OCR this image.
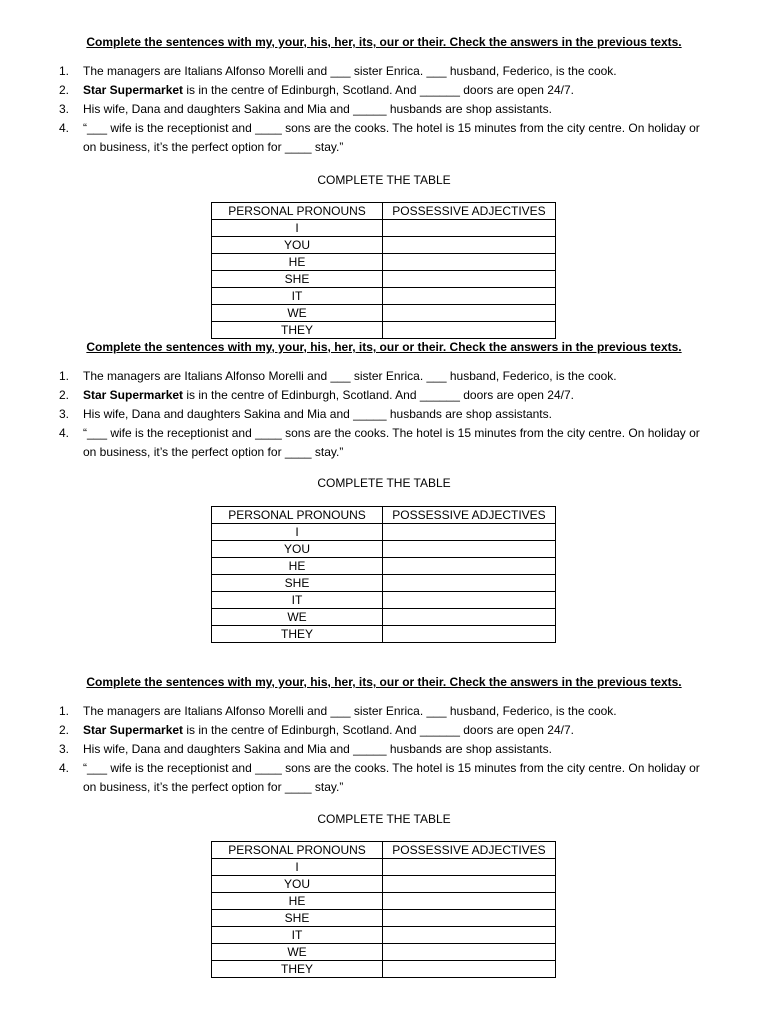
Complete the sentences with my, your, his, her, its, our or their. Check the answers in the previous texts.
1. The managers are Italians Alfonso Morelli and ___ sister Enrica. ___ husband, Federico, is the cook.
2. Star Supermarket is in the centre of Edinburgh, Scotland. And ______ doors are open 24/7.
3. His wife, Dana and daughters Sakina and Mia and _____ husbands are shop assistants.
4. “___ wife is the receptionist and ____ sons are the cooks. The hotel is 15 minutes from the city centre. On holiday or on business, it’s the perfect option for ____ stay.”
COMPLETE THE TABLE
PERSONAL PRONOUNS	POSSESSIVE ADJECTIVES
I	
YOU	
HE	
SHE	
IT	
WE	
THEY	
Complete the sentences with my, your, his, her, its, our or their. Check the answers in the previous texts.
1. The managers are Italians Alfonso Morelli and ___ sister Enrica. ___ husband, Federico, is the cook.
2. Star Supermarket is in the centre of Edinburgh, Scotland. And ______ doors are open 24/7.
3. His wife, Dana and daughters Sakina and Mia and _____ husbands are shop assistants.
4. “___ wife is the receptionist and ____ sons are the cooks. The hotel is 15 minutes from the city centre. On holiday or on business, it’s the perfect option for ____ stay.”
COMPLETE THE TABLE
PERSONAL PRONOUNS	POSSESSIVE ADJECTIVES
I	
YOU	
HE	
SHE	
IT	
WE	
THEY	
Complete the sentences with my, your, his, her, its, our or their. Check the answers in the previous texts.
1. The managers are Italians Alfonso Morelli and ___ sister Enrica. ___ husband, Federico, is the cook.
2. Star Supermarket is in the centre of Edinburgh, Scotland. And ______ doors are open 24/7.
3. His wife, Dana and daughters Sakina and Mia and _____ husbands are shop assistants.
4. “___ wife is the receptionist and ____ sons are the cooks. The hotel is 15 minutes from the city centre. On holiday or on business, it’s the perfect option for ____ stay.”
COMPLETE THE TABLE
PERSONAL PRONOUNS	POSSESSIVE ADJECTIVES
I	
YOU	
HE	
SHE	
IT	
WE	
THEY	
